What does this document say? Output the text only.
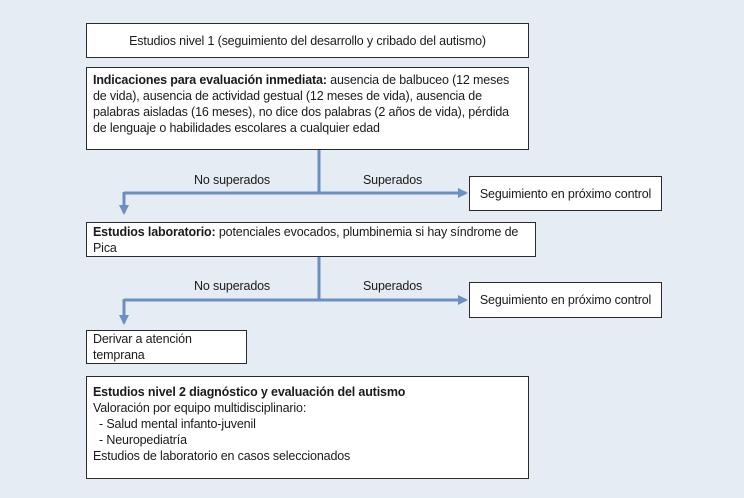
No superados	Superados
No superados	Superados
Estudios nivel 1 (seguimiento del desarrollo y cribado del autismo)
Indicaciones para evaluación inmediata: ausencia de balbuceo (12 meses de vida), ausencia de actividad gestual (12 meses de vida), ausencia de palabras aisladas (16 meses), no dice dos palabras (2 años de vida), pérdida de lenguaje o habilidades escolares a cualquier edad
Seguimiento en próximo control
Estudios laboratorio: potenciales evocados, plumbinemia si hay síndrome de Pica
Seguimiento en próximo control
Derivar a atención temprana
Estudios nivel 2 diagnóstico y evaluación del autismo
Valoración por equipo multidisciplinario:
- Salud mental infanto-juvenil
- Neuropediatría
Estudios de laboratorio en casos seleccionados
